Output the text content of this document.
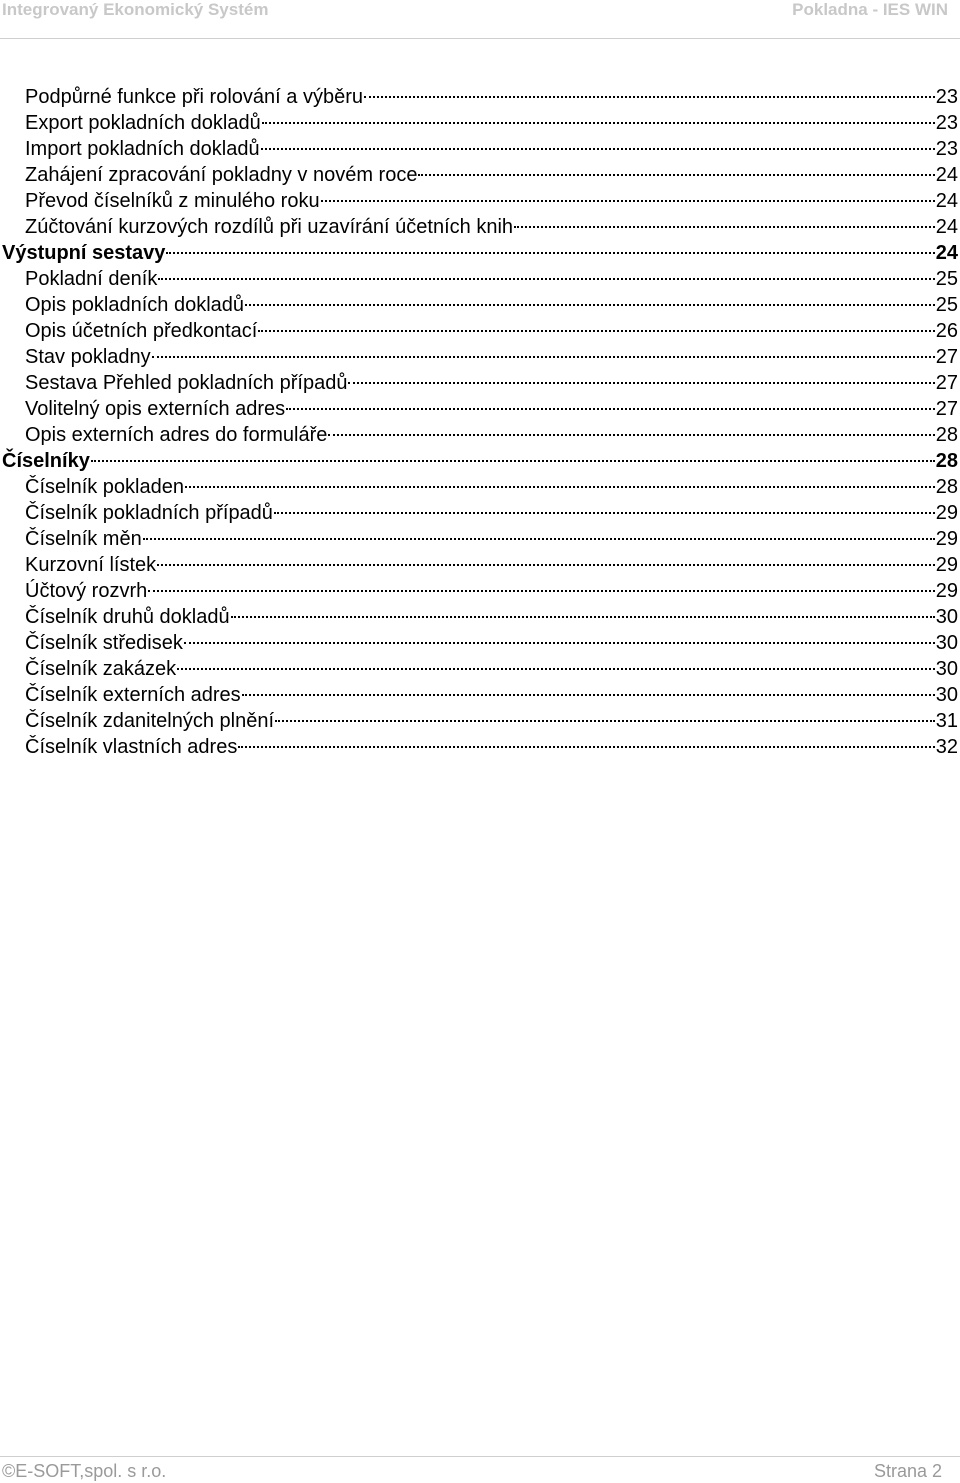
Integrovaný Ekonomický Systém	Pokladna - IES WIN
Podpůrné funkce při rolování a výběru	23
Export pokladních dokladů	23
Import pokladních dokladů	23
Zahájení zpracování pokladny v novém roce	24
Převod číselníků z minulého roku	24
Zúčtování kurzových rozdílů při uzavírání účetních knih	24
Výstupní sestavy	24
Pokladní deník	25
Opis pokladních dokladů	25
Opis účetních předkontací	26
Stav pokladny	27
Sestava Přehled pokladních případů	27
Volitelný opis externích adres	27
Opis externích adres do formuláře	28
Číselníky	28
Číselník pokladen	28
Číselník pokladních případů	29
Číselník měn	29
Kurzovní lístek	29
Účtový rozvrh	29
Číselník druhů dokladů	30
Číselník středisek	30
Číselník zakázek	30
Číselník externích adres	30
Číselník zdanitelných plnění	31
Číselník vlastních adres	32
©E-SOFT,spol. s r.o.	Strana 2
